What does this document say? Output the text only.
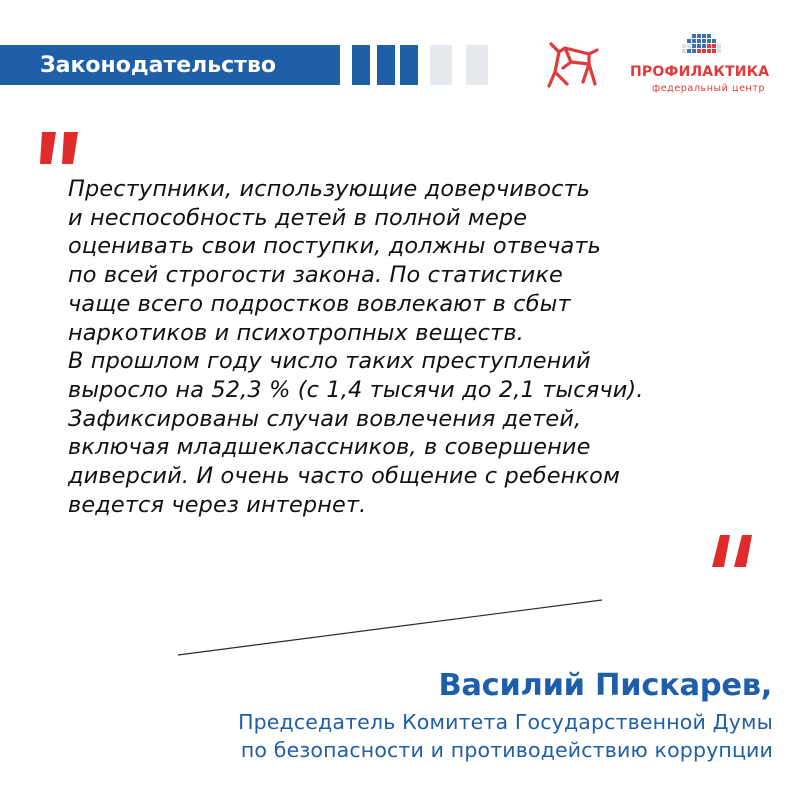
Законодательство	ПРОФИЛАКТИКА
федеральный центр
Преступники, использующие доверчивость
и неспособность детей в полной мере
оценивать свои поступки, должны отвечать
по всей строгости закона. По статистике
чаще всего подростков вовлекают в сбыт
наркотиков и психотропных веществ.
В прошлом году число таких преступлений
выросло на 52,3 % (с 1,4 тысячи до 2,1 тысячи).
Зафиксированы случаи вовлечения детей,
включая младшеклассников, в совершение
диверсий. И очень часто общение с ребенком
ведется через интернет.
Василий Пискарев,
Председатель Комитета Государственной Думы
по безопасности и противодействию коррупции
